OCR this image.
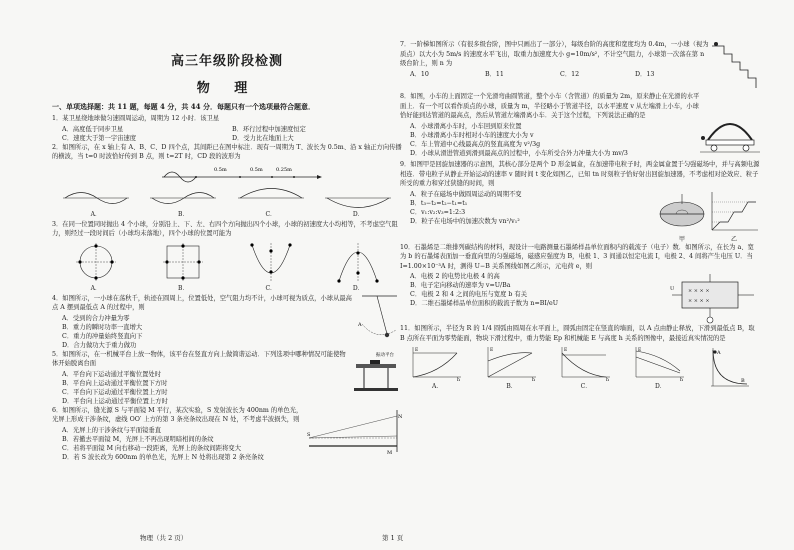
高三年级阶段检测
物 理
一、单项选择题：共 11 题，每题 4 分，共 44 分．每题只有一个选项最符合题意．
1．某卫星绕地球做匀速圆周运动，周期为 12 小时．该卫星
A．高度低于同步卫星	B．环行过程中加速度恒定
C．速度大于第一宇宙速度	D．受力比在地面上大
2．如图所示，在 x 轴上有 A、B、C、D 四个点，其间距已在图中标注．现有一周期为 T、波长为 0.5m、沿 x 轴正方向传播的横波，当 t=0 时波恰好传到 B 点，则 t=2T 时，CD 段的波形为
0.5m	0.5m	0.25m
A．	B．	C．	D．
3．在同一位置同时抛出 4 个小球，分别沿上、下、左、右四个方向抛出四个小球，小球的初速度大小均相等，不考虑空气阻力，则经过一段时间后（小球均未落地），四个小球的位置可能为
A．	B．	C．	D．
4．如图所示，一小球在荡秋千，轨迹在圆周上，位置低处，空气阻力均不计，小球可视为质点，小球从最高点 A 摆到最低点 A 的过程中，则
A．受到的合力冲量为零
B．重力的瞬时功率一直增大
C．重力的冲量始终竖直向下
D．合力做功大于重力做功
A
5．如图所示，在一机械平台上放一物体，该平台在竖直方向上做简谐运动．下列选项中哪种情况可能使物体开始脱离台面
A．平台向下运动通过平衡位置处时
B．平台向上运动通过平衡位置下方时
C．平台向下运动通过平衡位置上方时
D．平台向上运动通过平衡位置上方时
振动平台
6．如图所示，缝光源 S 与平面镜 M 平行，某次实验，S 发射波长为 400nm 的单色光，光屏上形成干涉条纹，虚线 OO′ 上方的第 3 条亮条纹出现在 N 处，不考虑半波损失，则
A．光屏上的干涉条纹与平面镜垂直
B．若撤去平面镜 M，光屏上不再出现明暗相间的条纹
C．若将平面镜 M 向右移动一段距离，光屏上的条纹间距将变大
D．若 S 波长改为 600nm 的单色光，光屏上 N 处将出现第 2 条亮条纹
S
M
N
7．一阶梯如图所示（有很多级台阶，图中只画出了一部分），每级台阶的高度和宽度均为 0.4m，一小球（视为质点）以大小为 5m/s 的速度水平飞出，取重力加速度大小 g=10m/s²，不计空气阻力，小球第一次落在第 n 级台阶上，则 n 为
A．10	B．11	C．12	D．13
8．如图，小车的上面固定一个光滑弯曲圆管道，整个小车（含管道）的质量为 2m，原来静止在光滑的水平面上．有一个可以看作质点的小球，质量为 m，半径略小于管道半径，以水平速度 v 从左端滑上小车，小球恰好能到达管道的最高点，然后从管道左端滑离小车．关于这个过程，下列说法正确的是
A．小球滑离小车时，小车回到原来位置
B．小球滑离小车时相对小车的速度大小为 v
C．车上管道中心线最高点的竖直高度为 v²/3g
D．小球从滑进管道到滑到最高点的过程中，小车所受合外力冲量大小为 mv/3
9．如图甲是回旋加速器的示意图，其核心部分是两个 D 形金属盒，在加速带电粒子时，两金属盒置于匀强磁场中，并与高频电源相连．带电粒子从静止开始运动的速率 v 随时间 t 变化如图乙，已知 tn 时刻粒子恰好射出回旋加速器，不考虑相对论效应、粒子所受的重力和穿过狭缝的时间，则
A．粒子在磁场中做圆周运动的周期不变
B．t₃−t₂=t₂−t₁=t₁
C．v₁:v₂:v₃=1:2:3
D．粒子在电场中的加速次数为 vn²/v₁²
甲	乙
10．石墨烯是二维排列碳结构的材料，现设计一电路测量石墨烯样品单位面积内的载流子（电子）数．如图所示，在长为 a、宽为 b 的石墨烯表面加一垂直向里的匀强磁场，磁感应强度为 B，电极 1、3 间通以恒定电流 I，电极 2、4 间将产生电压 U．当 I=1.00×10⁻³A 时，测得 U−B 关系图线如图乙所示，元电荷 e，则
A．电极 2 的电势比电极 4 的高
B．电子定向移动的速率为 v=U/Ba
C．电极 2 和 4 之间的电压与宽度 b 有关
D．二维石墨烯样品单位面积的载流子数为 n=BI/eU
× × × ×
× × × ×
U
11．如图所示，半径为 R 的 1/4 圆弧由圆周在水平面上，圆弧由固定在竖直的墙面，以 A 点由静止释放，下滑到最低点 B，取 B 点所在平面为零势能面，物块下滑过程中，重力势能 Ep 和机械能 E 与高度 h 关系的图像中，最接近真实情况的是
E
h
A．
E
h
B．
E
h
C．
E
h
D．
A
B
物理（共 2 页）	第 1 页
